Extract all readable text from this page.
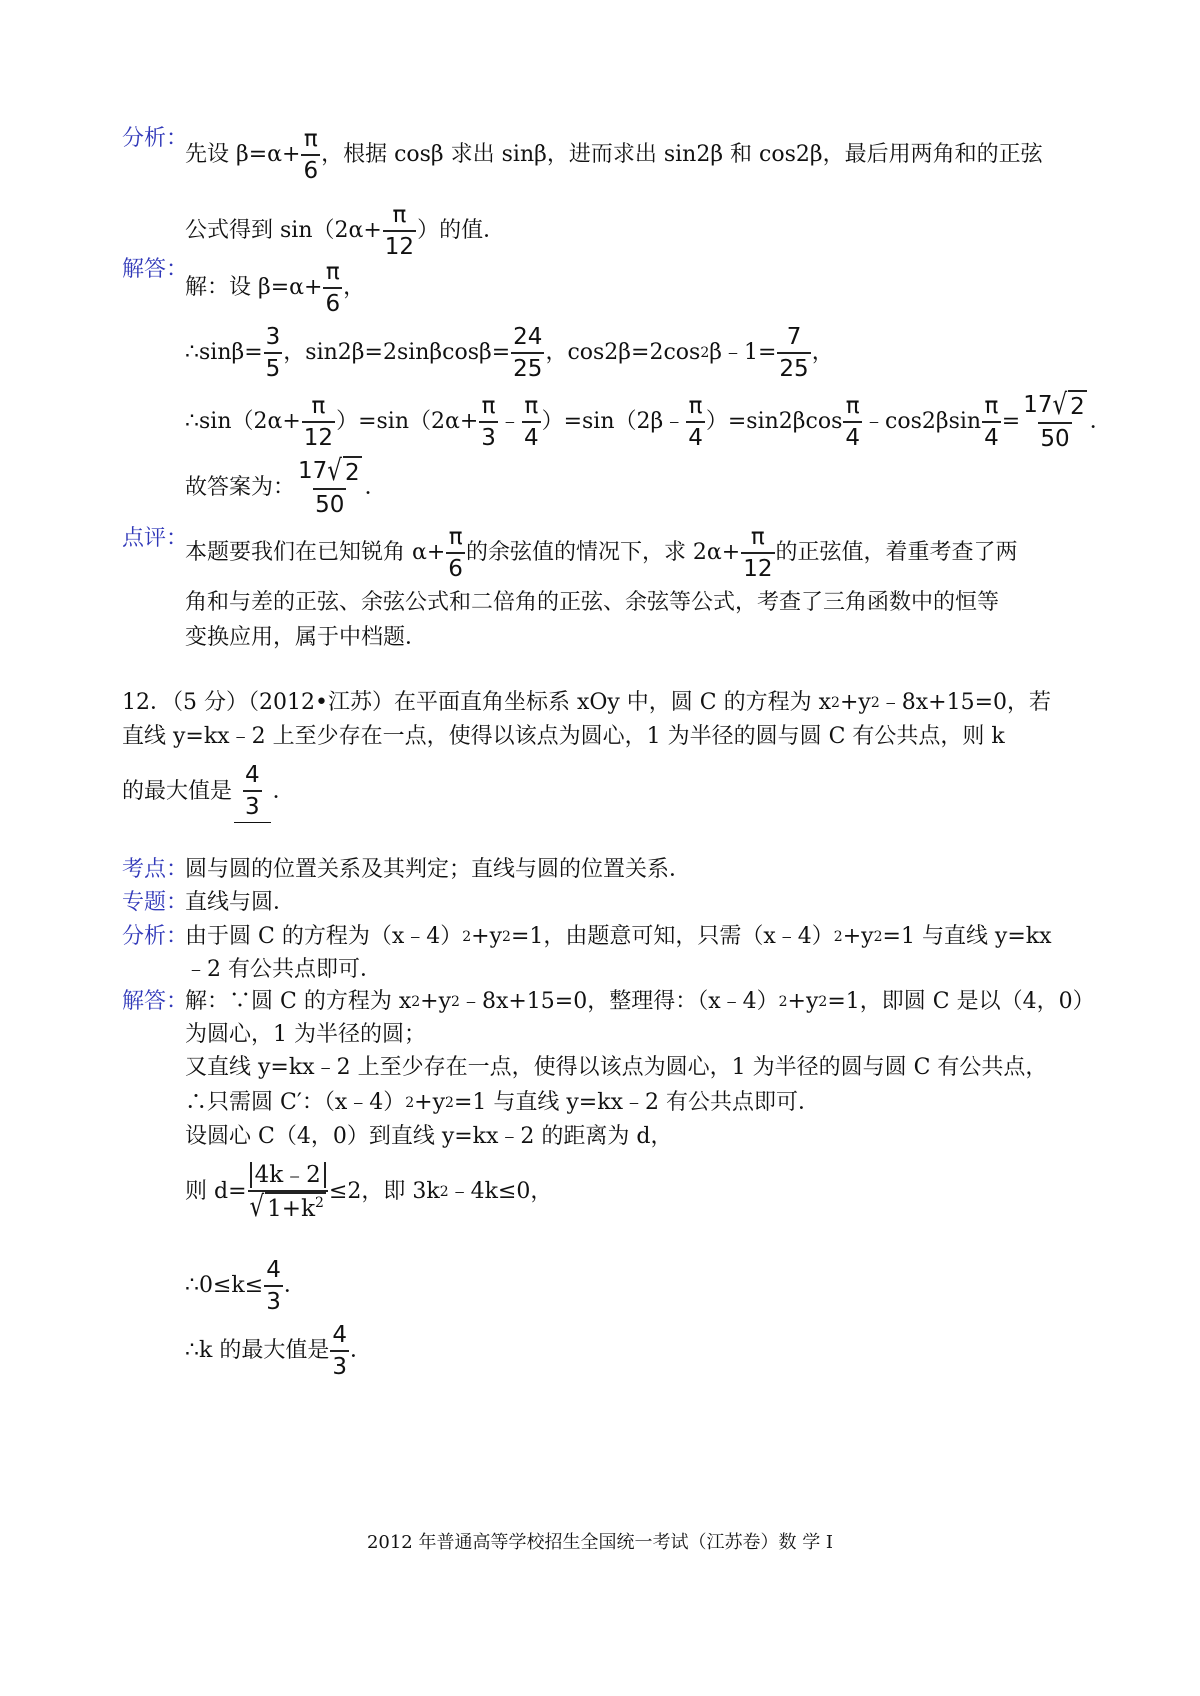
分析：
先设 $\beta=\alpha+ \frac{\pi}{6}$ ，根据 cosβ 求出 sinβ，进而求出 sin2β 和 cos2β，最后用两角和的正弦
公式得到 $\sin(2\alpha+ \frac{\pi}{12}$ ）的值．
解答：
解：设 $\beta=\alpha+ \frac{\pi}{6}$ ，
∴sinβ= $\frac{3}{5}$ ，$\sin 2\beta=2\sin\beta\cos\beta= \frac{24}{25}$ ，cos2β=2cos 2 β﹣1= $\frac{7}{25}$ ，
∴sin（2α+ $\frac{\pi}{12} )=\sin(2\alpha+ \frac{\pi}{3}$ ﹣ $\frac{\pi}{4}$ ）=sin（2β﹣ $\frac{\pi}{4} )=\sin 2\beta\cos \frac{\pi}{4}$ ﹣cos2βsin $\frac{\pi}{4} = \frac{17 √ 2}{50}$ ．
故答案为： $\frac{17 √ 2}{50}$ ．
点评：
本题要我们在已知锐角 $\alpha+ \frac{\pi}{6}$ 的余弦值的情况下，求 $2\alpha+ \frac{\pi}{12}$ 的正弦值，着重考查了两
角和与差的正弦、余弦公式和二倍角的正弦、余弦等公式，考查了三角函数中的恒等
变换应用，属于中档题．
12．（5 分）（2012•江苏）在平面直角坐标系 xOy 中，圆 C 的方程为 x 2 +y 2 ﹣8x+15=0，若
直线 y=kx﹣2 上至少存在一点，使得以该点为圆心，1 为半径的圆与圆 C 有公共点，则 k
的最大值是 $\frac{4}{3}$ ．
考点：
圆与圆的位置关系及其判定；直线与圆的位置关系．
专题：
直线与圆．
分析：
由于圆 C 的方程为（x﹣4） 2 +y 2 =1，由题意可知，只需（x﹣4） 2 +y 2 =1 与直线 y=kx
﹣2 有公共点即可．
解答：
解：∵圆 C 的方程为 x 2 +y 2 ﹣8x+15=0，整理得：（x﹣4） 2 +y 2 =1，即圆 C 是以（4，0）
为圆心，1 为半径的圆；
又直线 y=kx﹣2 上至少存在一点，使得以该点为圆心，1 为半径的圆与圆 C 有公共点，
∴只需圆 C′：（x﹣4） 2 +y 2 =1 与直线 y=kx﹣2 有公共点即可．
设圆心 C（4，0）到直线 y=kx﹣2 的距离为 d，
则 $d= \frac{4k﹣2}{√ 1+k^2} \le 2$，即 3k 2 ﹣4k≤0，
∴0≤k≤ $\frac{4}{3}$ ．
∴k 的最大值是 $\frac{4}{3}$ ．
2012 年普通高等学校招生全国统一考试（江苏卷）数 学 I
